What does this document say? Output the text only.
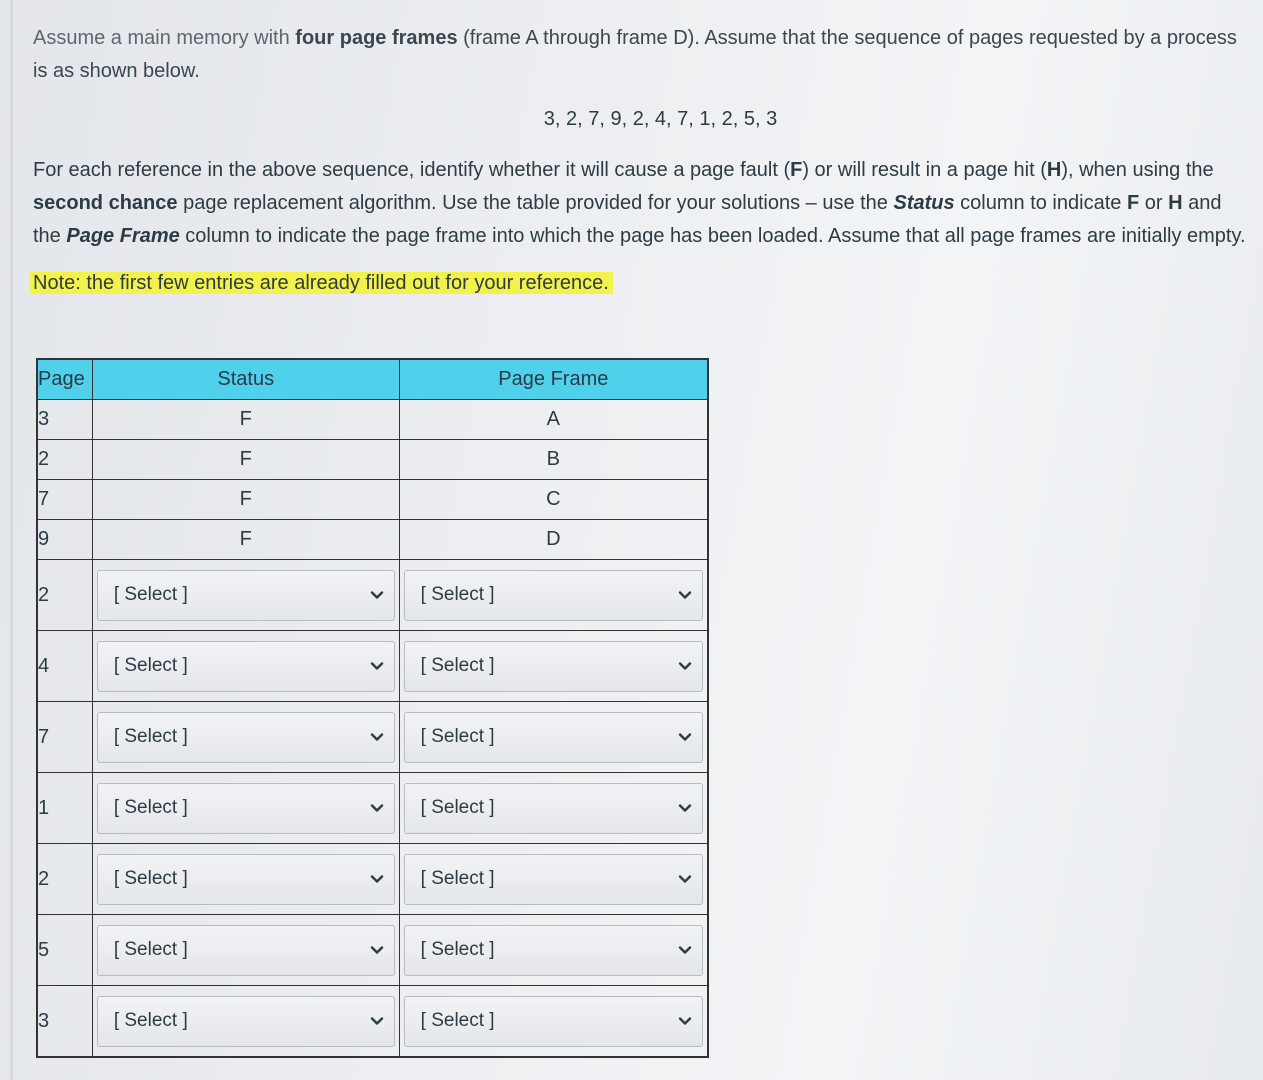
Assume a main memory with four page frames (frame A through frame D). Assume that the sequence of pages requested by a process is as shown below.

3, 2, 7, 9, 2, 4, 7, 1, 2, 5, 3

For each reference in the above sequence, identify whether it will cause a page fault (F) or will result in a page hit (H), when using the second chance page replacement algorithm. Use the table provided for your solutions – use the Status column to indicate F or H and the Page Frame column to indicate the page frame into which the page has been loaded. Assume that all page frames are initially empty.

Note: the first few entries are already filled out for your reference.
Page	Status	Page Frame
3	F	A
2	F	B
7	F	C
9	F	D
2	[ Select ]	[ Select ]

4	[ Select ]	[ Select ]

7	[ Select ]	[ Select ]

1	[ Select ]	[ Select ]

2	[ Select ]	[ Select ]

5	[ Select ]	[ Select ]

3	[ Select ]	[ Select ]
